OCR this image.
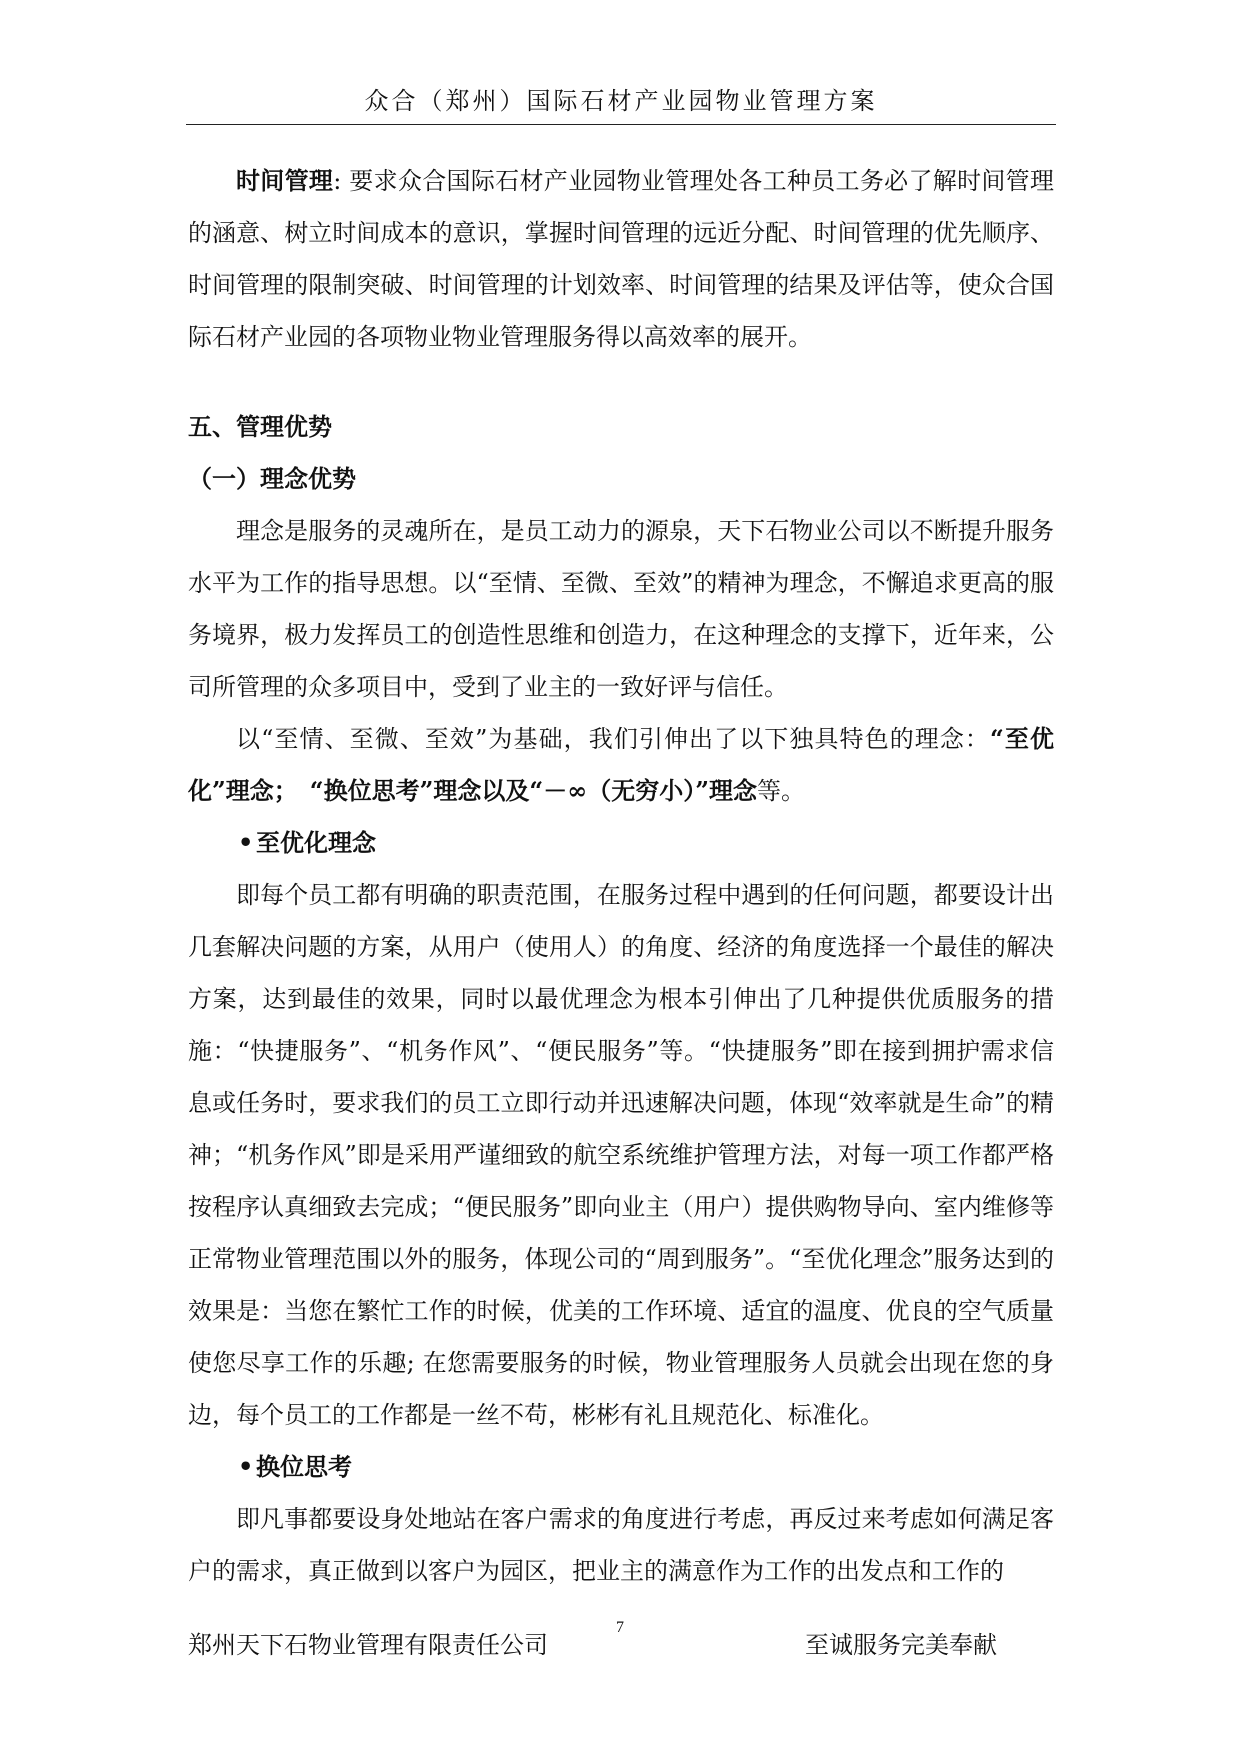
众合（郑州）国际石材产业园物业管理方案

时间管理: 要求众合国际石材产业园物业管理处各工种员工务必了解时间管理的涵意、树立时间成本的意识，掌握时间管理的远近分配、时间管理的优先顺序、时间管理的限制突破、时间管理的计划效率、时间管理的结果及评估等，使众合国际石材产业园的各项物业物业管理服务得以高效率的展开。

五、管理优势

（一）理念优势

理念是服务的灵魂所在，是员工动力的源泉，天下石物业公司以不断提升服务水平为工作的指导思想。以“至情、至微、至效”的精神为理念，不懈追求更高的服务境界，极力发挥员工的创造性思维和创造力，在这种理念的支撑下，近年来，公司所管理的众多项目中，受到了业主的一致好评与信任。

以“至情、至微、至效”为基础，我们引伸出了以下独具特色的理念：“至优化”理念；　“换位思考”理念以及“－∞（无穷小）”理念等。

• 至优化理念

即每个员工都有明确的职责范围，在服务过程中遇到的任何问题，都要设计出几套解决问题的方案，从用户（使用人）的角度、经济的角度选择一个最佳的解决方案，达到最佳的效果，同时以最优理念为根本引伸出了几种提供优质服务的措施：“快捷服务”、“机务作风”、“便民服务”等。“快捷服务”即在接到拥护需求信息或任务时，要求我们的员工立即行动并迅速解决问题，体现“效率就是生命”的精神；“机务作风”即是采用严谨细致的航空系统维护管理方法，对每一项工作都严格按程序认真细致去完成；“便民服务”即向业主（用户）提供购物导向、室内维修等正常物业管理范围以外的服务，体现公司的“周到服务”。“至优化理念”服务达到的效果是：当您在繁忙工作的时候，优美的工作环境、适宜的温度、优良的空气质量使您尽享工作的乐趣; 在您需要服务的时候，物业管理服务人员就会出现在您的身边，每个员工的工作都是一丝不苟，彬彬有礼且规范化、标准化。

• 换位思考

即凡事都要设身处地站在客户需求的角度进行考虑，再反过来考虑如何满足客户的需求，真正做到以客户为园区，把业主的满意作为工作的出发点和工作的

郑州天下石物业管理有限责任公司
7
至诚服务完美奉献
